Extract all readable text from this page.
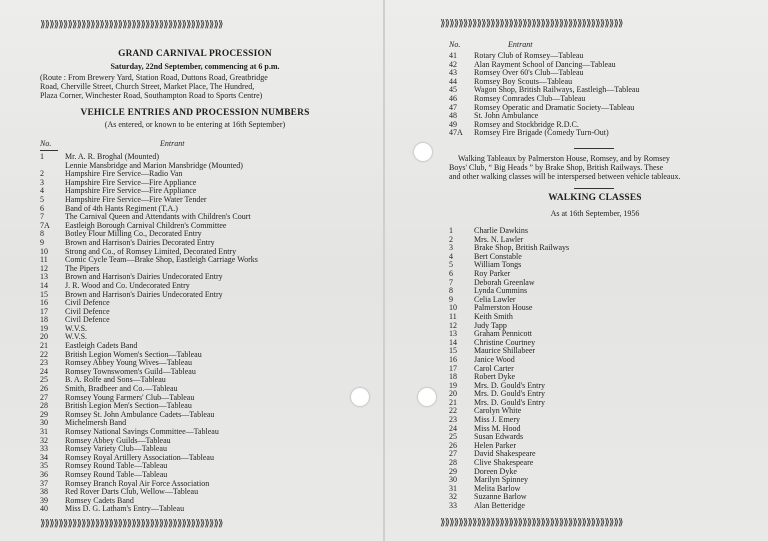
⟫⟫⟫⟫⟫⟫⟫⟫⟫⟫⟫⟫⟫⟫⟫⟫⟫⟫⟫⟫⟫⟫⟫⟫⟫⟫⟫⟫⟫⟫⟫⟫⟫⟫⟫⟫⟫⟫⟫⟫
⟫⟫⟫⟫⟫⟫⟫⟫⟫⟫⟫⟫⟫⟫⟫⟫⟫⟫⟫⟫⟫⟫⟫⟫⟫⟫⟫⟫⟫⟫⟫⟫⟫⟫⟫⟫⟫⟫⟫⟫
⟫⟫⟫⟫⟫⟫⟫⟫⟫⟫⟫⟫⟫⟫⟫⟫⟫⟫⟫⟫⟫⟫⟫⟫⟫⟫⟫⟫⟫⟫⟫⟫⟫⟫⟫⟫⟫⟫⟫⟫
⟫⟫⟫⟫⟫⟫⟫⟫⟫⟫⟫⟫⟫⟫⟫⟫⟫⟫⟫⟫⟫⟫⟫⟫⟫⟫⟫⟫⟫⟫⟫⟫⟫⟫⟫⟫⟫⟫⟫⟫
GRAND CARNIVAL PROCESSION
Saturday, 22nd September, commencing at 6 p.m.
(Route : From Brewery Yard, Station Road, Duttons Road, Greatbridge
Road, Cherville Street, Church Street, Market Place, The Hundred,
Plaza Corner, Winchester Road, Southampton Road to Sports Centre)
VEHICLE ENTRIES AND PROCESSION NUMBERS
(As entered, or known to be entering at 16th September)
No.	Entrant
1	Mr. A. R. Broghal (Mounted)
Lennie Mansbridge and Marion Mansbridge (Mounted)
2	Hampshire Fire Service—Radio Van
3	Hampshire Fire Service—Fire Appliance
4	Hampshire Fire Service—Fire Appliance
5	Hampshire Fire Service—Fire Water Tender
6	Band of 4th Hants Regiment (T.A.)
7	The Carnival Queen and Attendants with Children's Court
7A	Eastleigh Borough Carnival Children's Committee
8	Botley Flour Milling Co., Decorated Entry
9	Brown and Harrison's Dairies Decorated Entry
10	Strong and Co., of Romsey Limited, Decorated Entry
11	Comic Cycle Team—Brake Shop, Eastleigh Carriage Works
12	The Pipers
13	Brown and Harrison's Dairies Undecorated Entry
14	J. R. Wood and Co. Undecorated Entry
15	Brown and Harrison's Dairies Undecorated Entry
16	Civil Defence
17	Civil Defence
18	Civil Defence
19	W.V.S.
20	W.V.S.
21	Eastleigh Cadets Band
22	British Legion Women's Section—Tableau
23	Romsey Abbey Young Wives—Tableau
24	Romsey Townswomen's Guild—Tableau
25	B. A. Rolfe and Sons—Tableau
26	Smith, Bradbeer and Co.—Tableau
27	Romsey Young Farmers' Club—Tableau
28	British Legion Men's Section—Tableau
29	Romsey St. John Ambulance Cadets—Tableau
30	Michelmersh Band
31	Romsey National Savings Committee—Tableau
32	Romsey Abbey Guilds—Tableau
33	Romsey Variety Club—Tableau
34	Romsey Royal Artillery Association—Tableau
35	Romsey Round Table—Tableau
36	Romsey Round Table—Tableau
37	Romsey Branch Royal Air Force Association
38	Red Rover Darts Club, Wellow—Tableau
39	Romsey Cadets Band
40	Miss D. G. Latham's Entry—Tableau
No.	Entrant
41	Rotary Club of Romsey—Tableau
42	Alan Rayment School of Dancing—Tableau
43	Romsey Over 60's Club—Tableau
44	Romsey Boy Scouts—Tableau
45	Wagon Shop, British Railways, Eastleigh—Tableau
46	Romsey Comrades Club—Tableau
47	Romsey Operatic and Dramatic Society—Tableau
48	St. John Ambulance
49	Romsey and Stockbridge R.D.C.
47A	Romsey Fire Brigade (Comedy Turn-Out)
Walking Tableaux by Palmerston House, Romsey, and by Romsey
Boys' Club, “ Big Heads ” by Brake Shop, British Railways. These
and other walking classes will be interspersed between vehicle tableaux.
WALKING CLASSES
As at 16th September, 1956
1	Charlie Dawkins
2	Mrs. N. Lawler
3	Brake Shop, British Railways
4	Bert Constable
5	William Tongs
6	Roy Parker
7	Deborah Greenlaw
8	Lynda Cummins
9	Celia Lawler
10	Palmerston House
11	Keith Smith
12	Judy Tapp
13	Graham Pennicott
14	Christine Courtney
15	Maurice Shillabeer
16	Janice Wood
17	Carol Carter
18	Robert Dyke
19	Mrs. D. Gould's Entry
20	Mrs. D. Gould's Entry
21	Mrs. D. Gould's Entry
22	Carolyn White
23	Miss J. Emery
24	Miss M. Hood
25	Susan Edwards
26	Helen Parker
27	David Shakespeare
28	Clive Shakespeare
29	Doreen Dyke
30	Marilyn Spinney
31	Melita Barlow
32	Suzanne Barlow
33	Alan Betteridge
